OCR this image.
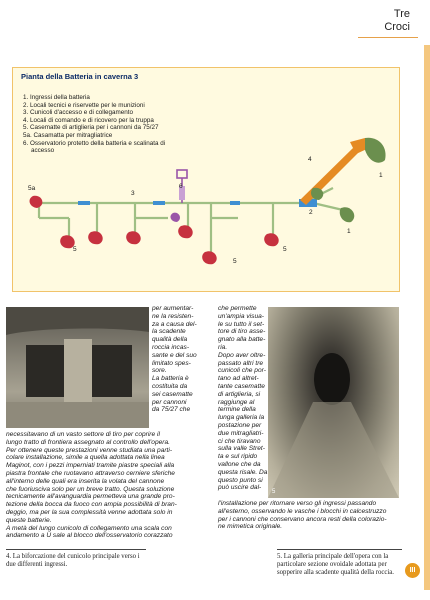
Tre
Croci
Pianta della Batteria in caverna 3
1. Ingressi della batteria
2. Locali tecnici e riservette per le munizioni
3. Cunicoli d'accesso e di collegamento
4. Locali di comando e di ricovero per la truppa
5. Casematte di artiglieria per i cannoni da 75/27
5a. Casamatta per mitragliatrice
6. Osservatorio protetto della batteria e scalinata di
accesso
5a
3
6
4
1
2
1
5
5
5
5
per aumentar-
ne la resisten-
za a causa del-
la scadente
qualità della
roccia incas-
sante e del suo
limitato spes-
sore.
La batteria è
costituita da
sei casematte
per cannoni
da 75/27 che
necessitavano di un vasto settore di tiro per coprire il
lungo tratto di frontiera assegnato al controllo dell'opera.
Per ottenere queste prestazioni venne studiata una parti-
colare installazione, simile a quella adottata nella linea
Maginot, con i pezzi imperniati tramite piastre speciali alla
piastra frontale che ruotavano attraverso cerniere sferiche
all'interno delle quali era inserita la volata del cannone
che fuoriusciva solo per un breve tratto. Questa soluzione
tecnicamente all'avanguardia permetteva una grande pro-
tezione della bocca da fuoco con ampia possibilità di bran-
deggio, ma per la sua complessità venne adottata solo in
queste batterie.
A metà del lungo cunicolo di collegamento una scala con
andamento a U sale al blocco dell'osservatorio corazzato
che permette
un'ampia visua-
le su tutto il set-
tore di tiro asse-
gnato alla batte-
ria.
Dopo aver oltre-
passato altri tre
cunicoli che por-
tano ad altret-
tante casematte
di artiglieria, si
raggiunge al
termine della
lunga galleria la
postazione per
due mitragliatri-
ci che tiravano
sulla valle Stret-
ta e sul ripido
vallone che da
questa risale. Da
questo punto si
può uscire dal-
l'installazione per ritornare verso gli ingressi passando
all'esterno, osservando le vasche i blocchi in calcestruzzo
per i cannoni che conservano ancora resti della colorazio-
ne mimetica originale.
4. La biforcazione del cunicolo principale verso i due differenti ingressi.
5. La galleria principale dell'opera con la particolare sezione ovoidale adottata per sopperire alla scadente qualità della roccia.	III
